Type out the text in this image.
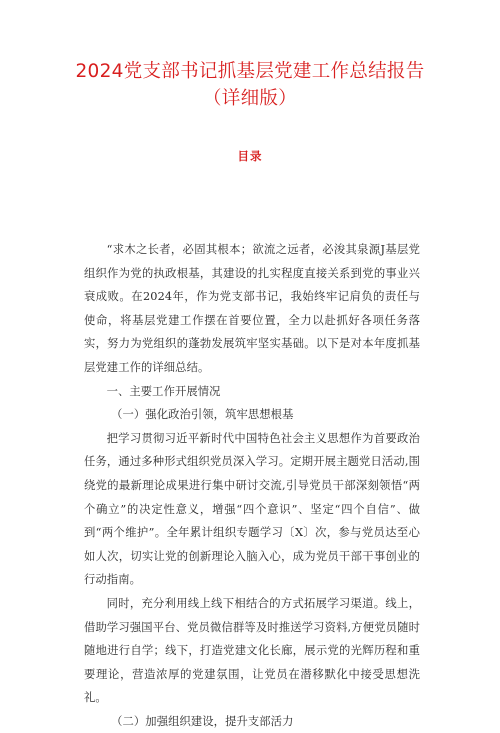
2024党支部书记抓基层党建工作总结报告（详细版）
目录

“求木之长者，必固其根本；欲流之远者，必浚其泉源J基层党组织作为党的执政根基，其建设的扎实程度直接关系到党的事业兴衰成败。在2024年，作为党支部书记，我始终牢记肩负的责任与使命，将基层党建工作摆在首要位置，全力以赴抓好各项任务落实，努力为党组织的蓬勃发展筑牢坚实基础。以下是对本年度抓基层党建工作的详细总结。

一、主要工作开展情况

（一）强化政治引领，筑牢思想根基

把学习贯彻习近平新时代中国特色社会主义思想作为首要政治任务，通过多种形式组织党员深入学习。定期开展主题党日活动,围绕党的最新理论成果进行集中研讨交流,引导党员干部深刻领悟“两个确立”的决定性意义，增强“四个意识”、坚定“四个自信”、做到“两个维护”。全年累计组织专题学习〔X〕次，参与党员达至心如人次，切实让党的创新理论入脑入心，成为党员干部干事创业的行动指南。

同时，充分利用线上线下相结合的方式拓展学习渠道。线上，借助学习强国平台、党员微信群等及时推送学习资料,方便党员随时随地进行自学；线下，打造党建文化长廊，展示党的光辉历程和重要理论，营造浓厚的党建氛围，让党员在潜移默化中接受思想洗礼。

（二）加强组织建设，提升支部活力
